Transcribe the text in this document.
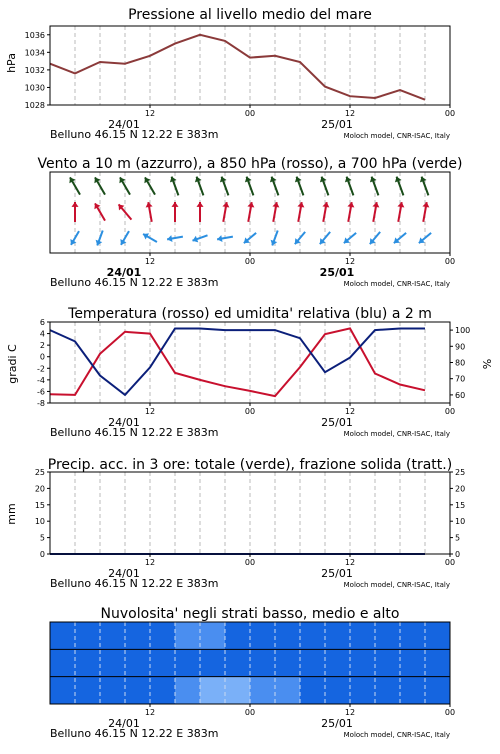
Pressione al livello medio del mare
Vento a 10 m (azzurro), a 850 hPa (rosso), a 700 hPa (verde)
Temperatura (rosso) ed umidita' relativa (blu) a 2 m
Precip. acc. in 3 ore: totale (verde), frazione solida (tratt.)
Nuvolosita' negli strati basso, medio e alto
hPa
gradi C	%
mm
12	00	12	00
24/01	25/01
Belluno 46.15 N 12.22 E 383m	Moloch model, CNR-ISAC, Italy
12	00	12	00
24/01	25/01
Belluno 46.15 N 12.22 E 383m	Moloch model, CNR-ISAC, Italy
12	00	12	00
24/01	25/01
Belluno 46.15 N 12.22 E 383m	Moloch model, CNR-ISAC, Italy
12	00	12	00
24/01	25/01
Belluno 46.15 N 12.22 E 383m	Moloch model, CNR-ISAC, Italy
12	00	12	00
24/01	25/01
Belluno 46.15 N 12.22 E 383m	Moloch model, CNR-ISAC, Italy
1028
1030
1032
1034
1036
-8
-6
-4
-2
0
2
4
6
60
70
80
90
100
0
5
10
15
20
25
0
5
10
15
20
25
